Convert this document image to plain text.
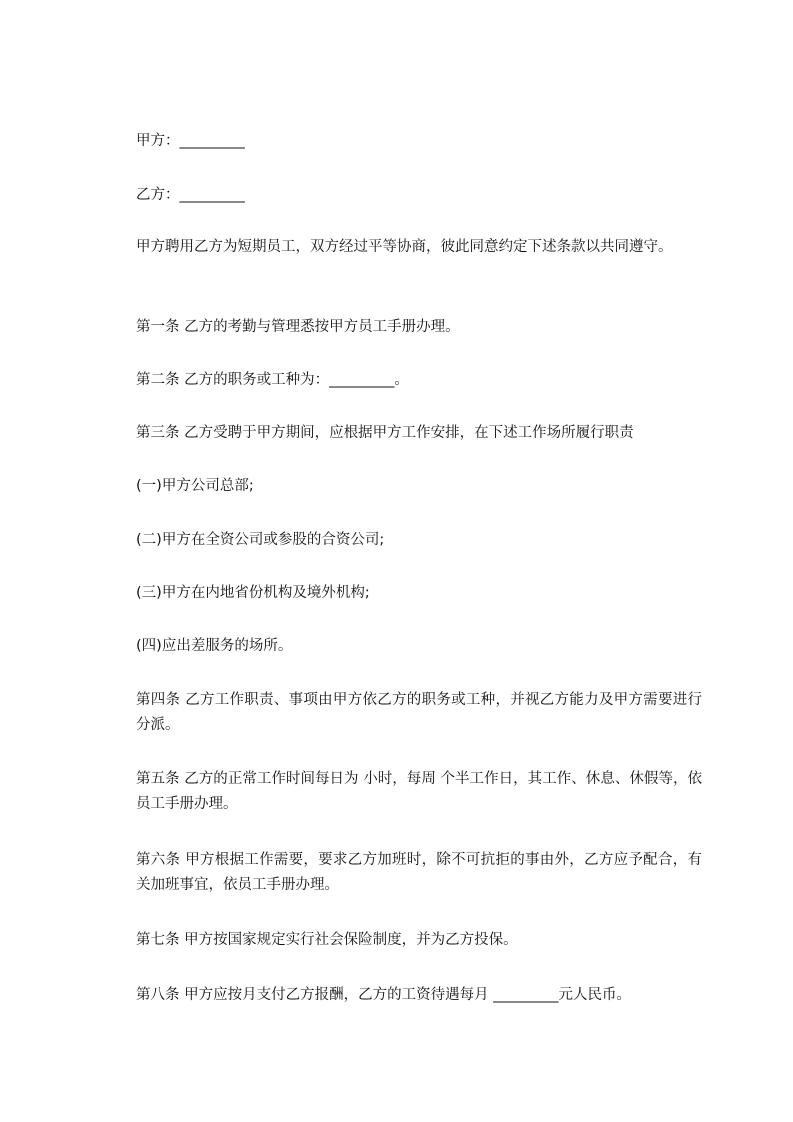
甲方：_________

乙方：_________

甲方聘用乙方为短期员工，双方经过平等协商，彼此同意约定下述条款以共同遵守。

第一条 乙方的考勤与管理悉按甲方员工手册办理。

第二条 乙方的职务或工种为：_________。

第三条 乙方受聘于甲方期间，应根据甲方工作安排，在下述工作场所履行职责

(一)甲方公司总部;

(二)甲方在全资公司或参股的合资公司;

(三)甲方在内地省份机构及境外机构;

(四)应出差服务的场所。

第四条 乙方工作职责、事项由甲方依乙方的职务或工种，并视乙方能力及甲方需要进行分派。

第五条 乙方的正常工作时间每日为 小时，每周 个半工作日，其工作、休息、休假等，依员工手册办理。

第六条 甲方根据工作需要，要求乙方加班时，除不可抗拒的事由外，乙方应予配合，有关加班事宜，依员工手册办理。

第七条 甲方按国家规定实行社会保险制度，并为乙方投保。

第八条 甲方应按月支付乙方报酬，乙方的工资待遇每月 _________元人民币。
